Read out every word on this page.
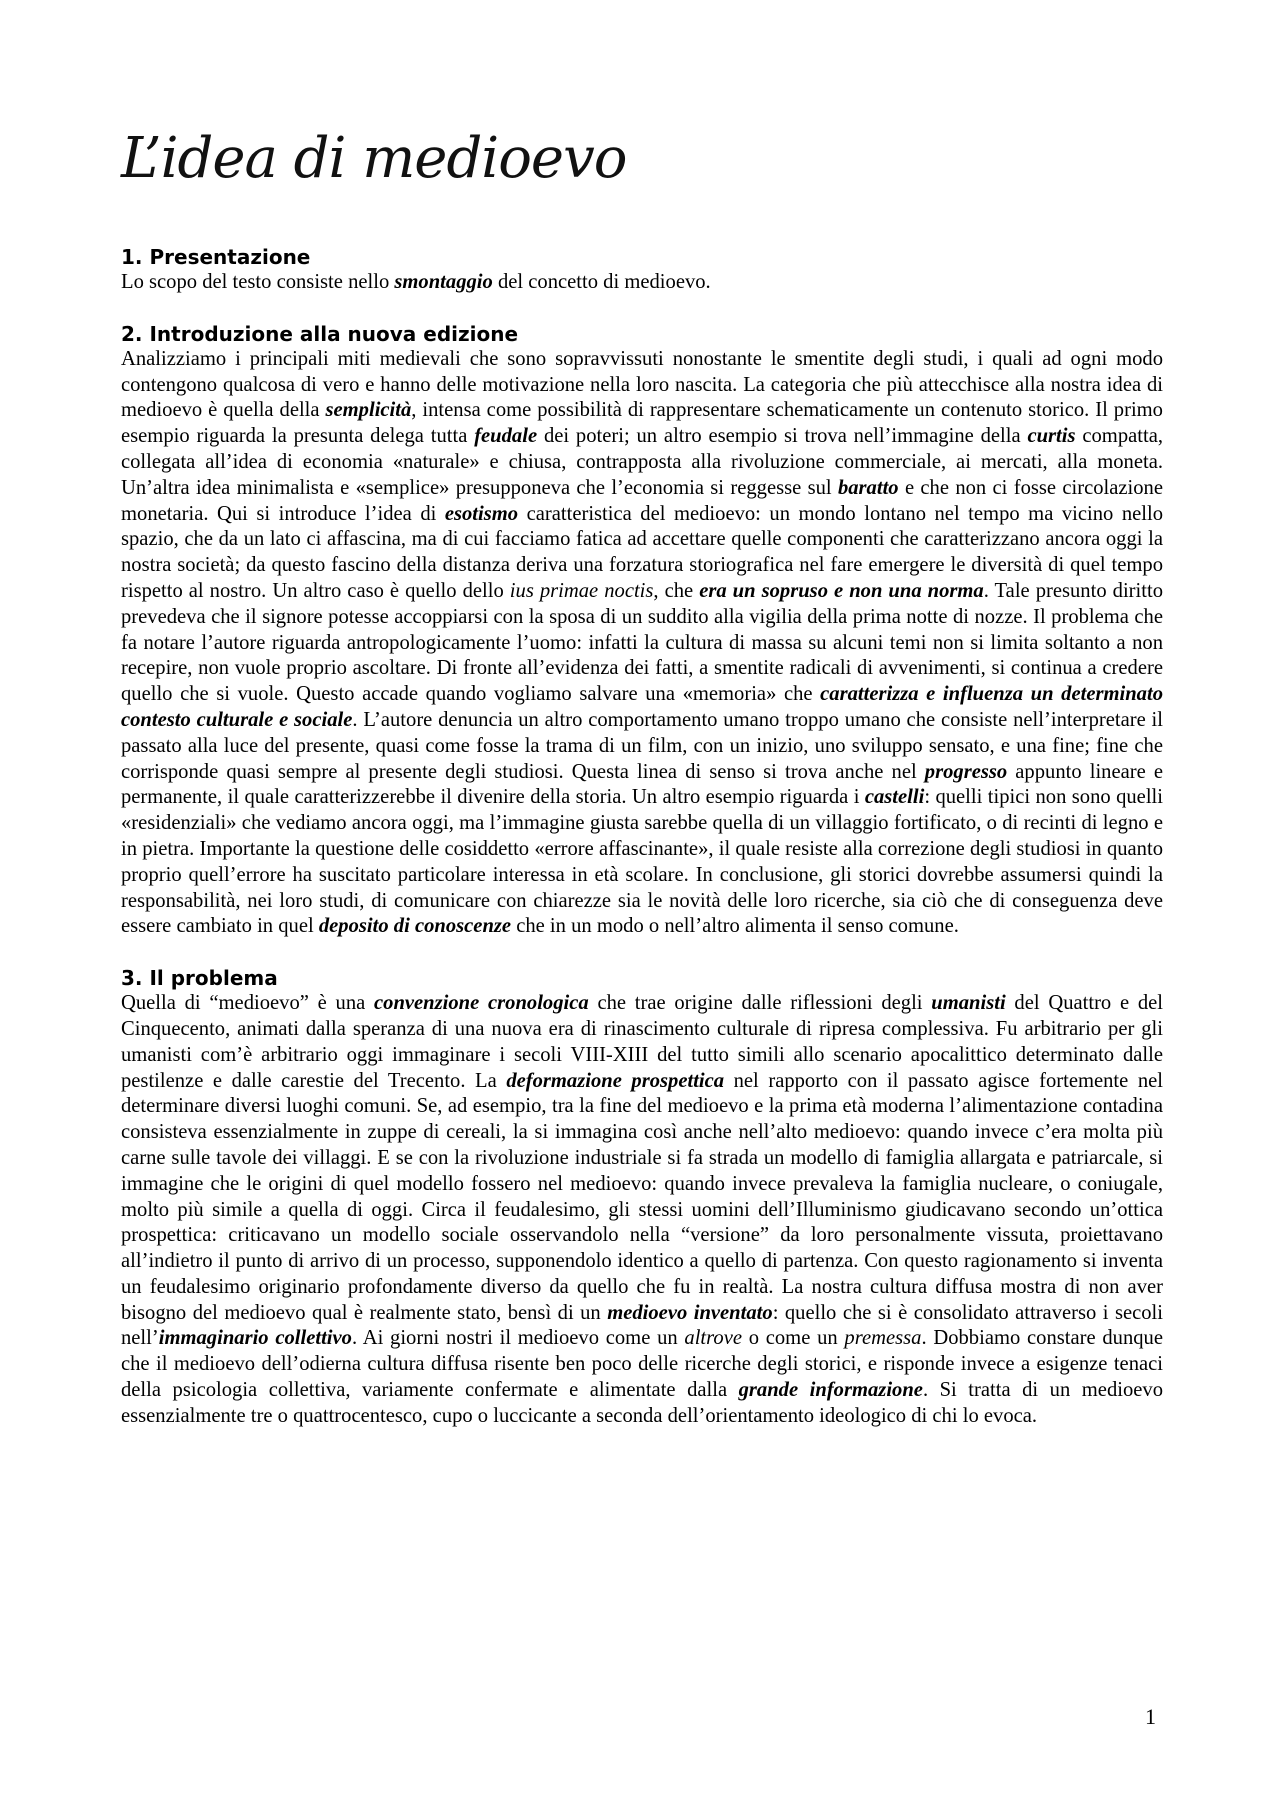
L’idea di medioevo
1. Presentazione

Lo scopo del testo consiste nello smontaggio del concetto di medioevo.

2. Introduzione alla nuova edizione

Analizziamo i principali miti medievali che sono sopravvissuti nonostante le smentite degli studi, i quali ad ogni modo contengono qualcosa di vero e hanno delle motivazione nella loro nascita. La categoria che più attecchisce alla nostra idea di medioevo è quella della semplicità, intensa come possibilità di rappresentare schematicamente un contenuto storico. Il primo esempio riguarda la presunta delega tutta feudale dei poteri; un altro esempio si trova nell’immagine della curtis compatta, collegata all’idea di economia «naturale» e chiusa, contrapposta alla rivoluzione commerciale, ai mercati, alla moneta. Un’altra idea minimalista e «semplice» presupponeva che l’economia si reggesse sul baratto e che non ci fosse circolazione monetaria. Qui si introduce l’idea di esotismo caratteristica del medioevo: un mondo lontano nel tempo ma vicino nello spazio, che da un lato ci affascina, ma di cui facciamo fatica ad accettare quelle componenti che caratterizzano ancora oggi la nostra società; da questo fascino della distanza deriva una forzatura storiografica nel fare emergere le diversità di quel tempo rispetto al nostro. Un altro caso è quello dello ius primae noctis, che era un sopruso e non una norma. Tale presunto diritto prevedeva che il signore potesse accoppiarsi con la sposa di un suddito alla vigilia della prima notte di nozze. Il problema che fa notare l’autore riguarda antropologicamente l’uomo: infatti la cultura di massa su alcuni temi non si limita soltanto a non recepire, non vuole proprio ascoltare. Di fronte all’evidenza dei fatti, a smentite radicali di avvenimenti, si continua a credere quello che si vuole. Questo accade quando vogliamo salvare una «memoria» che caratterizza e influenza un determinato contesto culturale e sociale. L’autore denuncia un altro comportamento umano troppo umano che consiste nell’interpretare il passato alla luce del presente, quasi come fosse la trama di un film, con un inizio, uno sviluppo sensato, e una fine; fine che corrisponde quasi sempre al presente degli studiosi. Questa linea di senso si trova anche nel progresso appunto lineare e permanente, il quale caratterizzerebbe il divenire della storia. Un altro esempio riguarda i castelli: quelli tipici non sono quelli «residenziali» che vediamo ancora oggi, ma l’immagine giusta sarebbe quella di un villaggio fortificato, o di recinti di legno e in pietra. Importante la questione delle cosiddetto «errore affascinante», il quale resiste alla correzione degli studiosi in quanto proprio quell’errore ha suscitato particolare interessa in età scolare. In conclusione, gli storici dovrebbe assumersi quindi la responsabilità, nei loro studi, di comunicare con chiarezze sia le novità delle loro ricerche, sia ciò che di conseguenza deve essere cambiato in quel deposito di conoscenze che in un modo o nell’altro alimenta il senso comune.

3. Il problema

Quella di “medioevo” è una convenzione cronologica che trae origine dalle riflessioni degli umanisti del Quattro e del Cinquecento, animati dalla speranza di una nuova era di rinascimento culturale di ripresa complessiva. Fu arbitrario per gli umanisti com’è arbitrario oggi immaginare i secoli VIII-XIII del tutto simili allo scenario apocalittico determinato dalle pestilenze e dalle carestie del Trecento. La deformazione prospettica nel rapporto con il passato agisce fortemente nel determinare diversi luoghi comuni. Se, ad esempio, tra la fine del medioevo e la prima età moderna l’alimentazione contadina consisteva essenzialmente in zuppe di cereali, la si immagina così anche nell’alto medioevo: quando invece c’era molta più carne sulle tavole dei villaggi. E se con la rivoluzione industriale si fa strada un modello di famiglia allargata e patriarcale, si immagine che le origini di quel modello fossero nel medioevo: quando invece prevaleva la famiglia nucleare, o coniugale, molto più simile a quella di oggi. Circa il feudalesimo, gli stessi uomini dell’Illuminismo giudicavano secondo un’ottica prospettica: criticavano un modello sociale osservandolo nella “versione” da loro personalmente vissuta, proiettavano all’indietro il punto di arrivo di un processo, supponendolo identico a quello di partenza. Con questo ragionamento si inventa un feudalesimo originario profondamente diverso da quello che fu in realtà. La nostra cultura diffusa mostra di non aver bisogno del medioevo qual è realmente stato, bensì di un medioevo inventato: quello che si è consolidato attraverso i secoli nell’immaginario collettivo. Ai giorni nostri il medioevo come un altrove o come un premessa. Dobbiamo constare dunque che il medioevo dell’odierna cultura diffusa risente ben poco delle ricerche degli storici, e risponde invece a esigenze tenaci della psicologia collettiva, variamente confermate e alimentate dalla grande informazione. Si tratta di un medioevo essenzialmente tre o quattrocentesco, cupo o luccicante a seconda dell’orientamento ideologico di chi lo evoca.

1
